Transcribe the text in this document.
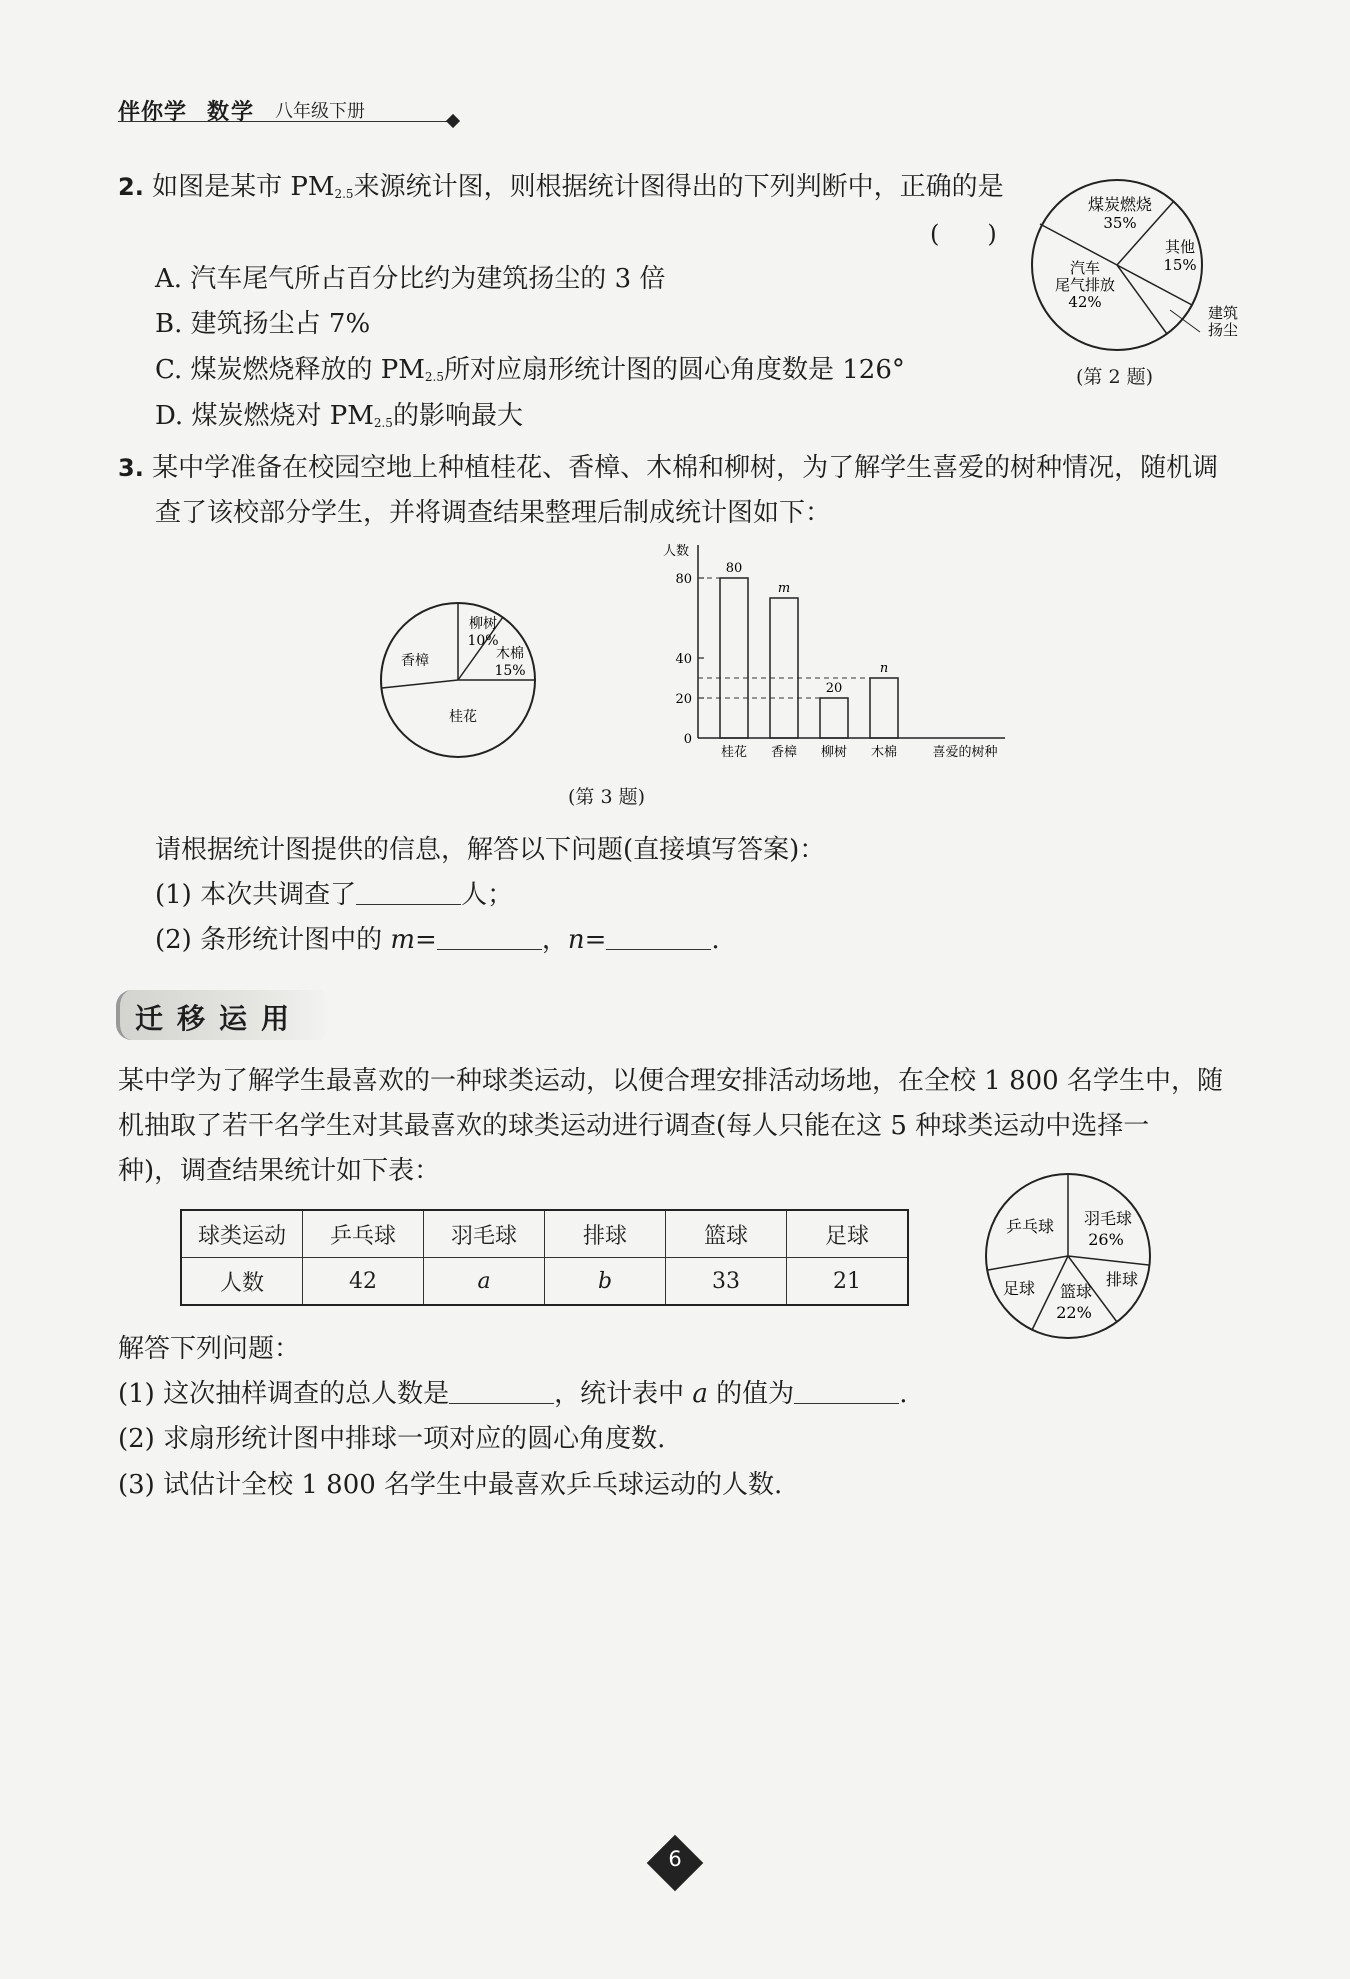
伴你学 数学 八年级下册
2. 如图是某市 $PM_{2.5}$来源统计图，则根据统计图得出的下列判断中，正确的是
(　　)
A. 汽车尾气所占百分比约为建筑扬尘的 3 倍
B. 建筑扬尘占 7%
C. 煤炭燃烧释放的 $PM_{2.5}$所对应扇形统计图的圆心角度数是 126°
D. 煤炭燃烧对 $PM_{2.5}$的影响最大
煤炭燃烧
35%
其他
15%
汽车
尾气排放
42%
建筑
扬尘
(第 2 题)
3. 某中学准备在校园空地上种植桂花、香樟、木棉和柳树，为了解学生喜爱的树种情况，随机调
查了该校部分学生，并将调查结果整理后制成统计图如下：
柳树
10%
木棉
15%
桂花
香樟
人数
喜爱的树种
0
20
40
80
80
桂花
m
香樟
20
柳树
n
木棉
(第 3 题)
请根据统计图提供的信息，解答以下问题(直接填写答案)：
(1) 本次共调查了	人；
(2) 条形统计图中的 m=	，n=	.
迁移运用
某中学为了解学生最喜欢的一种球类运动，以便合理安排活动场地，在全校 1 800 名学生中，随
机抽取了若干名学生对其最喜欢的球类运动进行调查(每人只能在这 5 种球类运动中选择一
种)，调查结果统计如下表：
球类运动	乒乓球	羽毛球	排球	篮球	足球
人数	42	a	b	33	21
乒乓球 羽毛球
26%
排球
篮球
22%
足球
解答下列问题：
(1) 这次抽样调查的总人数是	，统计表中 a 的值为	.
(2) 求扇形统计图中排球一项对应的圆心角度数.
(3) 试估计全校 1 800 名学生中最喜欢乒乓球运动的人数.
6
